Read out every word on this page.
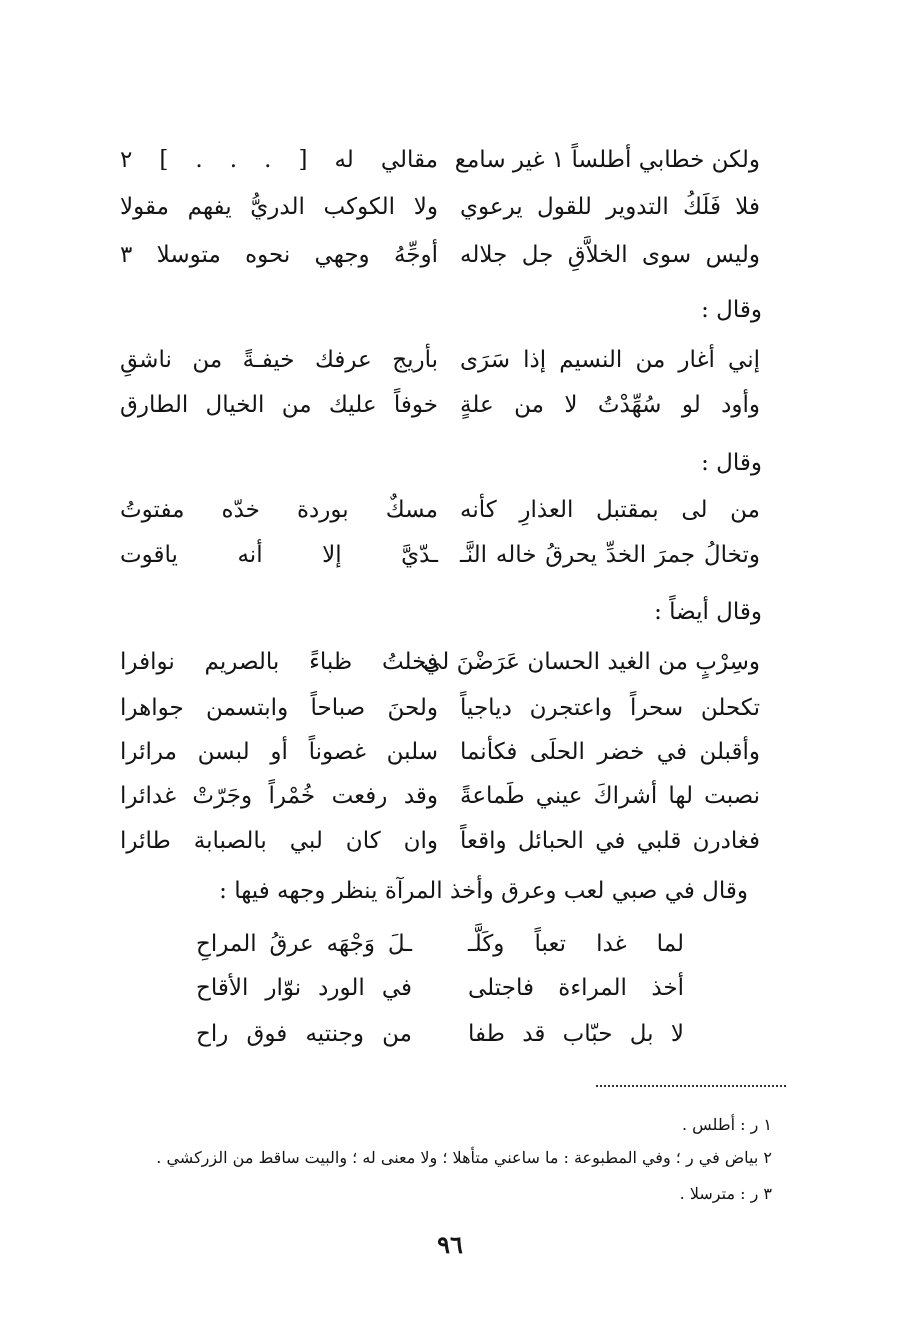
ولكن خطابي أطلساً ١ غير سامع
مقالي له [ . . . ] ٢
فلا فَلَكُ التدوير للقول يرعوي
ولا الكوكب الدريُّ يفهم مقولا
وليس سوى الخلاَّقِ جل جلاله
أوجِّهُ وجهي نحوه متوسلا ٣
وقال :
إني أغار من النسيم إذا سَرَى
بأريج عرفك خيفـةً من ناشقِ
وأود لو سُهِّدْتُ لا من علةٍ
خوفاً عليك من الخيال الطارق
وقال :
من لى بمقتبل العذارِ كأنه
مسكٌ بوردة خدّه مفتوتُ
وتخالُ جمرَ الخدِّ يحرقُ خاله النَّـ
ـدّيَّ إلا أنه ياقوت
وقال أيضاً :
وسِرْبٍ من الغيد الحسان عَرَضْنَ لي
فخلتُ ظباءً بالصريم نوافرا
تكحلن سحراً واعتجرن دياجياً
ولحنَ صباحاً وابتسمن جواهرا
وأقبلن في خضر الحلَى فكأنما
سلبن غصوناً أو لبسن مرائرا
نصبت لها أشراكَ عيني طَماعةً
وقد رفعت خُمْراً وجَرّتْ غدائرا
فغادرن قلبي في الحبائل واقعاً
وان كان لبي بالصبابة طائرا
وقال في صبي لعب وعرق وأخذ المرآة ينظر وجهه فيها :
لما غدا تعباً وكَلَّـ
ـلَ وَجْهَه عرقُ المراحِ
أخذ المراءة فاجتلى
في الورد نوّار الأقاح
لا بل حبّاب قد طفا
من وجنتيه فوق راح
١ ر : أطلس .
٢ بياض في ر ؛ وفي المطبوعة : ما ساعني متأهلا ؛ ولا معنى له ؛ والبيت ساقط من الزركشي .
٣ ر : مترسلا .
٩٦
